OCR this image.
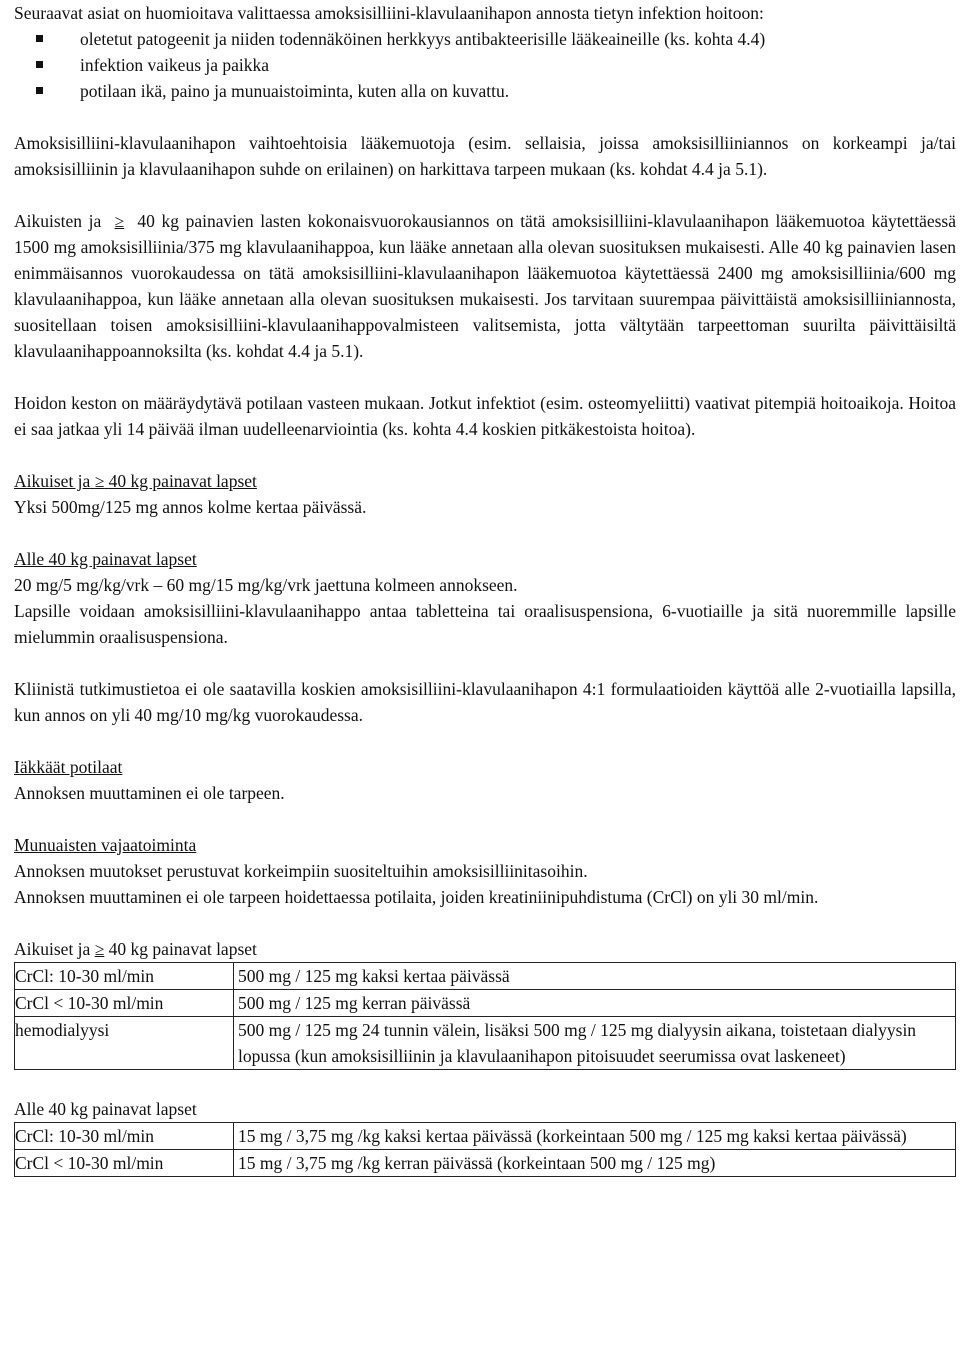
Seuraavat asiat on huomioitava valittaessa amoksisilliini-klavulaanihapon annosta tietyn infektion hoitoon:

oletetut patogeenit ja niiden todennäköinen herkkyys antibakteerisille lääkeaineille (ks. kohta 4.4)
infektion vaikeus ja paikka
potilaan ikä, paino ja munuaistoiminta, kuten alla on kuvattu.

Amoksisilliini-klavulaanihapon vaihtoehtoisia lääkemuotoja (esim. sellaisia, joissa amoksisilliiniannos on korkeampi ja/tai amoksisilliinin ja klavulaanihapon suhde on erilainen) on harkittava tarpeen mukaan (ks. kohdat 4.4 ja 5.1).

Aikuisten ja ≥ 40 kg painavien lasten kokonaisvuorokausiannos on tätä amoksisilliini-klavulaanihapon lääkemuotoa käytettäessä 1500 mg amoksisilliinia/375 mg klavulaanihappoa, kun lääke annetaan alla olevan suosituksen mukaisesti. Alle 40 kg painavien lasen enimmäisannos vuorokaudessa on tätä amoksisilliini-klavulaanihapon lääkemuotoa käytettäessä 2400 mg amoksisilliinia/600 mg klavulaanihappoa, kun lääke annetaan alla olevan suosituksen mukaisesti. Jos tarvitaan suurempaa päivittäistä amoksisilliiniannosta, suositellaan toisen amoksisilliini-klavulaanihappovalmisteen valitsemista, jotta vältytään tarpeettoman suurilta päivittäisiltä klavulaanihappoannoksilta (ks. kohdat 4.4 ja 5.1).

Hoidon keston on määräydytävä potilaan vasteen mukaan. Jotkut infektiot (esim. osteomyeliitti) vaativat pitempiä hoitoaikoja. Hoitoa ei saa jatkaa yli 14 päivää ilman uudelleenarviointia (ks. kohta 4.4 koskien pitkäkestoista hoitoa).

Aikuiset ja ≥ 40 kg painavat lapset

Yksi 500mg/125 mg annos kolme kertaa päivässä.

Alle 40 kg painavat lapset

20 mg/5 mg/kg/vrk – 60 mg/15 mg/kg/vrk jaettuna kolmeen annokseen.

Lapsille voidaan amoksisilliini-klavulaanihappo antaa tabletteina tai oraalisuspensiona, 6-vuotiaille ja sitä nuoremmille lapsille mielummin oraalisuspensiona.

Kliinistä tutkimustietoa ei ole saatavilla koskien amoksisilliini-klavulaanihapon 4:1 formulaatioiden käyttöä alle 2-vuotiailla lapsilla, kun annos on yli 40 mg/10 mg/kg vuorokaudessa.

Iäkkäät potilaat

Annoksen muuttaminen ei ole tarpeen.

Munuaisten vajaatoiminta

Annoksen muutokset perustuvat korkeimpiin suositeltuihin amoksisilliinitasoihin.

Annoksen muuttaminen ei ole tarpeen hoidettaessa potilaita, joiden kreatiniinipuhdistuma (CrCl) on yli 30 ml/min.

Aikuiset ja ≥ 40 kg painavat lapset

CrCl: 10-30 ml/min	500 mg / 125 mg kaksi kertaa päivässä
CrCl < 10-30 ml/min	500 mg / 125 mg kerran päivässä
hemodialyysi	500 mg / 125 mg 24 tunnin välein, lisäksi 500 mg / 125 mg dialyysin aikana, toistetaan dialyysin lopussa (kun amoksisilliinin ja klavulaanihapon pitoisuudet seerumissa ovat laskeneet)

Alle 40 kg painavat lapset

CrCl: 10-30 ml/min	15 mg / 3,75 mg /kg kaksi kertaa päivässä (korkeintaan 500 mg / 125 mg kaksi kertaa päivässä)
CrCl < 10-30 ml/min	15 mg / 3,75 mg /kg kerran päivässä (korkeintaan 500 mg / 125 mg)
